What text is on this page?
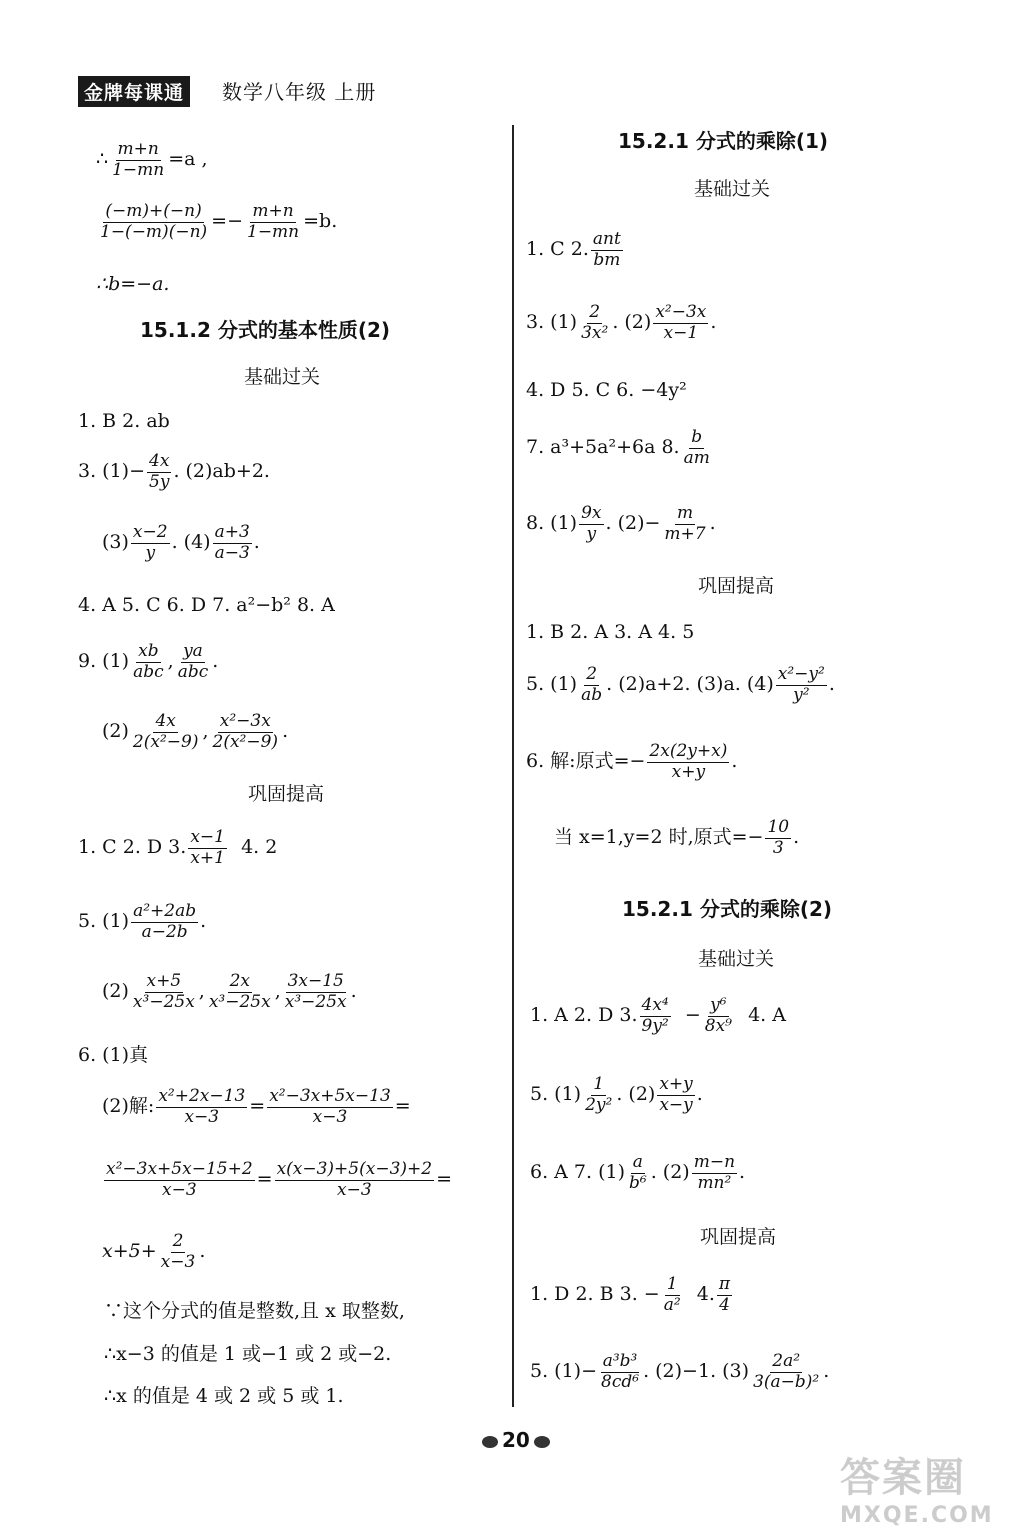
金牌每课通	数学八年级 上册
∴ $\frac{m+n}{1-mn} =a$ ,
$\frac{(-m)+(-n)}{1-(-m)(-n)} =- \frac{m+n}{1-mn} =b$.
∴b=−a.
15.1.2 分式的基本性质(2)
基础过关
1. B 2. ab
3. $(1)- \frac{4x}{5y}$ . (2)ab+2.
$(3) \frac{x-2}{y}$ . $(4) \frac{a+3}{a-3}$ .
4. A 5. C 6. D 7. a²−b² 8. A
9. $(1) \frac{xb}{\text{abc}}$ , $\frac{ya}{\text{abc}}$ .
$(2) \frac{4x}{\text{2(x²−9)}}$ , $\frac{\text{x²−3x}}{\text{2(x²−9)}}$ .
巩固提高
1. C 2. D 3. $\frac{x-1}{x+1} 4$. 2
5. $(1) \frac{\text{a²+2ab}}{a-2b}$ .
$(2) \frac{x+5}{\text{x³−25x}}$ , $\frac{2x}{\text{x³−25x}}$ , $\frac{3x-15}{\text{x³−25x}}$ .
6. (1)真
(2)解: $\frac{\text{x²+2x−13}}{x-3} = \frac{\text{x²−3x+5x−13}}{x-3}$ =
$\frac{\text{x²−3x+5x−15+2}}{x-3} = \frac{x(x-3)+5(x-3)+2}{x-3}$ =
$x+5+ \frac{2}{x-3}$ .
∵这个分式的值是整数,且 x 取整数,
∴x−3 的值是 1 或−1 或 2 或−2.
∴x 的值是 4 或 2 或 5 或 1.
15.2.1 分式的乘除(1)
基础过关
1. C 2. $\frac{\text{ant}}{bm}$
3. $(1) \frac{2}{\text{3x²}}$ . $(2) \frac{\text{x²−3x}}{x-1}$ .
4. D 5. C 6. −4y²
7. a³+5a²+6a 8. $\frac{b}{am}$
8. $(1) \frac{9x}{y}$ . $(2)- \frac{m}{m+7}$ .
巩固提高
1. B 2. A 3. A 4. 5
5. $(1) \frac{2}{ab}$ . (2)a+2. (3)a. $(4) \frac{\text{x²−y²}}{\text{y²}}$ .
6. 解:原式=− $\frac{2x(2y+x)}{x+y}$ .
当 x=1,y=2 时,原式=− $\frac{10}{3}$ .
15.2.1 分式的乘除(2)
基础过关
1. A 2. D 3. $\frac{\text{4x⁴}}{\text{9y²}} - \frac{\text{y⁶}}{\text{8x⁹}} 4$. A
5. $(1) \frac{1}{\text{2y²}}$ . $(2) \frac{x+y}{x-y}$ .
6. A 7. $(1) \frac{a}{\text{b⁶}}$ . $(2) \frac{m-n}{\text{mn²}}$ .
巩固提高
1. D 2. B 3. − $\frac{1}{\text{a²}} 4$. $\frac{\pi}{4}$
5. $(1)- \frac{\text{a³b³}}{\text{8cd⁶}}$ . (2)−1. $(3) \frac{\text{2a²}}{\text{3(a−b)²}}$ .
20
答案圈
MXQE.COM
